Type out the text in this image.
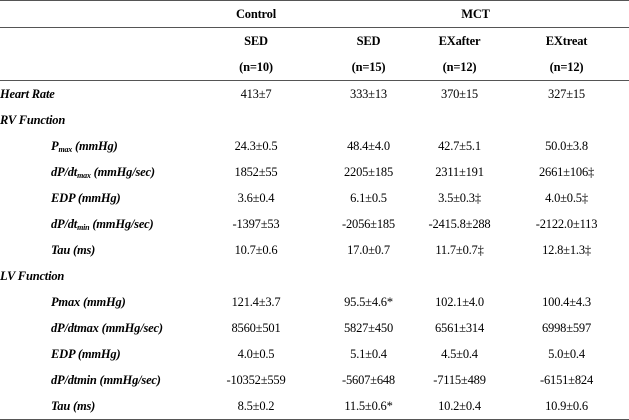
	Control	MCT		
	SED	SED	EXafter	EXtreat
	(n=10)	(n=15)	(n=12)	(n=12)
Heart Rate	413±7	333±13	370±15	327±15
RV Function				
$P_{max}$ (mmHg)	24.3±0.5	48.4±4.0	42.7±5.1	50.0±3.8
$dP/dt_{max}$ (mmHg/sec)	1852±55	2205±185	2311±191	2661±106‡
EDP (mmHg)	3.6±0.4	6.1±0.5	3.5±0.3‡	4.0±0.5‡
$dP/dt_{min}$ (mmHg/sec)	-1397±53	-2056±185	-2415.8±288	-2122.0±113
Tau (ms)	10.7±0.6	17.0±0.7	11.7±0.7‡	12.8±1.3‡
LV Function				
Pmax (mmHg)	121.4±3.7	95.5±4.6*	102.1±4.0	100.4±4.3
dP/dtmax (mmHg/sec)	8560±501	5827±450	6561±314	6998±597
EDP (mmHg)	4.0±0.5	5.1±0.4	4.5±0.4	5.0±0.4
dP/dtmin (mmHg/sec)	-10352±559	-5607±648	-7115±489	-6151±824
Tau (ms)	8.5±0.2	11.5±0.6*	10.2±0.4	10.9±0.6
